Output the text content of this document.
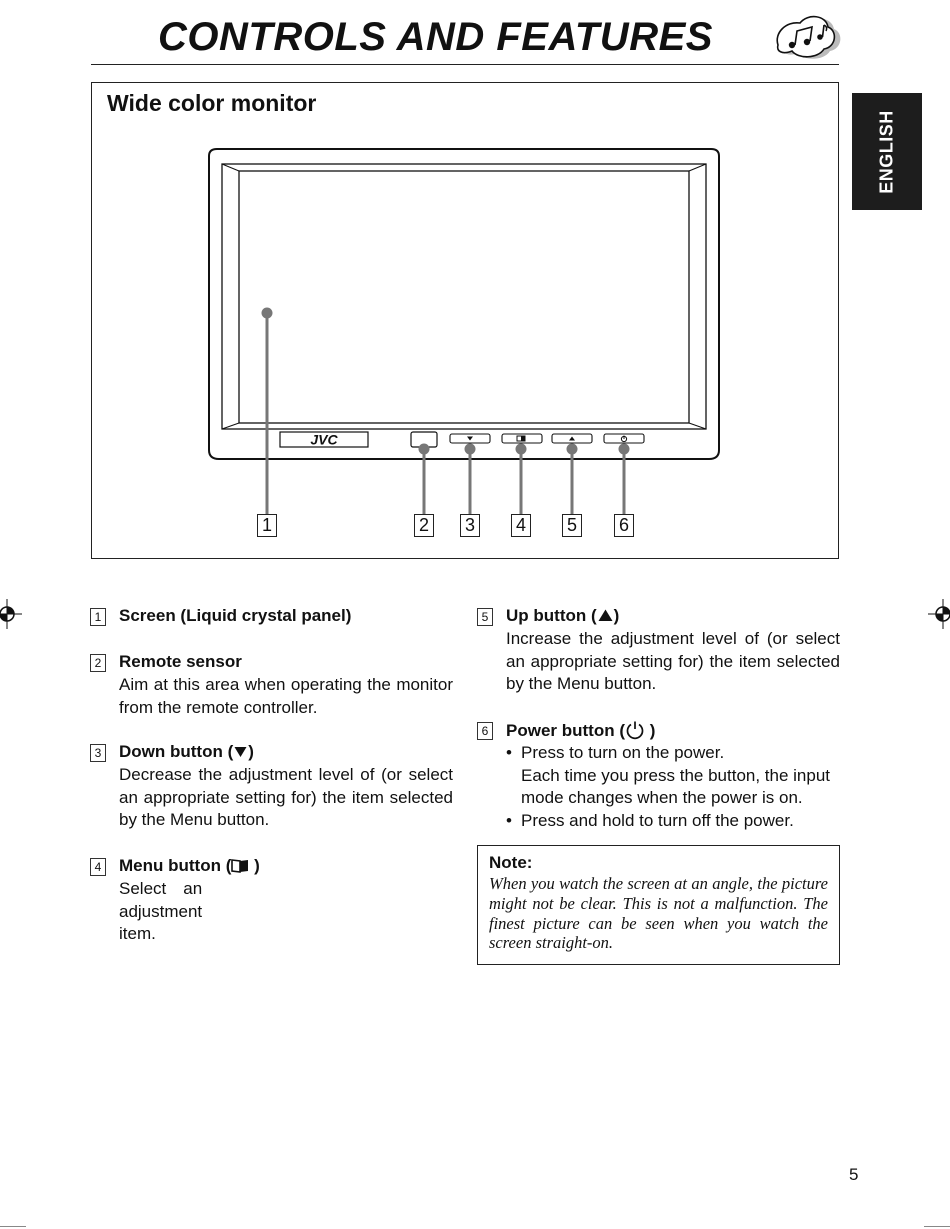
CONTROLS AND FEATURES
ENGLISH
Wide color monitor
JVC
1	2 3 4 5 6
1 Screen (Liquid crystal panel)
2 Remote sensor
Aim at this area when operating the monitor from the remote controller.
3 Down button ( )
Decrease the adjustment level of (or select an appropriate setting for) the item selected by the Menu button.
4 Menu button ( )
Select an adjustment item.
5 Up button ( )
Increase the adjustment level of (or select an appropriate setting for) the item selected by the Menu button.
6 Power button ( )
• Press to turn on the power.
Each time you press the button, the input mode changes when the power is on.
• Press and hold to turn off the power.
Note:
When you watch the screen at an angle, the picture might not be clear. This is not a malfunction. The finest picture can be seen when you watch the screen straight-on.
5
